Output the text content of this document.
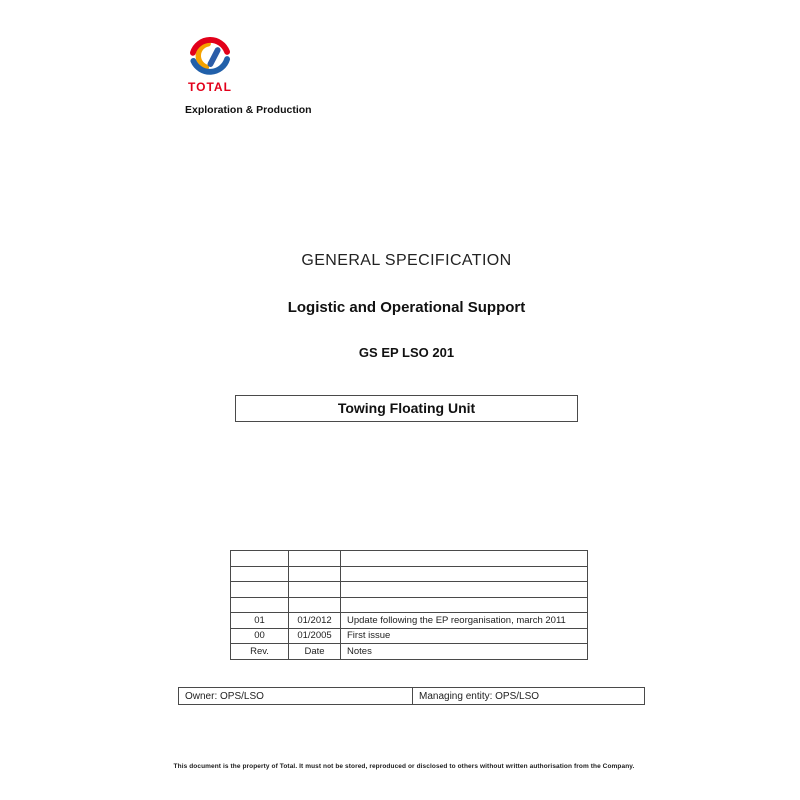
TOTAL
Exploration & Production
GENERAL SPECIFICATION
Logistic and Operational Support
GS EP LSO 201
Towing Floating Unit

01	01/2012	Update following the EP reorganisation, march 2011
00	01/2005	First issue
Rev.	Date	Notes
Owner: OPS/LSO	Managing entity: OPS/LSO
This document is the property of Total. It must not be stored, reproduced or disclosed to others without written authorisation from the Company.
